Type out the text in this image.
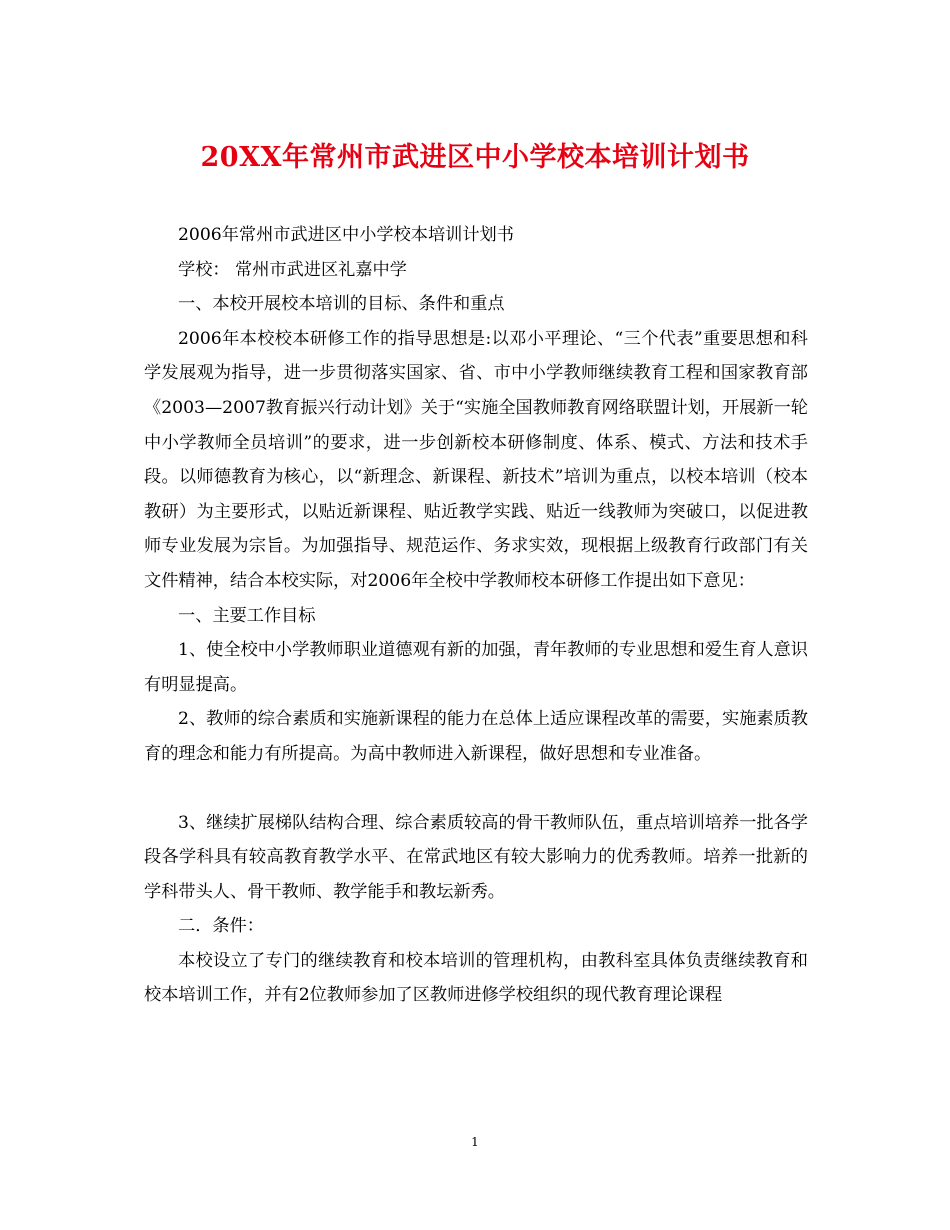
20XX年常州市武进区中小学校本培训计划书

2006年常州市武进区中小学校本培训计划书

学校： 常州市武进区礼嘉中学

一、本校开展校本培训的目标、条件和重点

2006年本校校本研修工作的指导思想是:以邓小平理论、“三个代表”重要思想和科学发展观为指导，进一步贯彻落实国家、省、市中小学教师继续教育工程和国家教育部《2003—2007教育振兴行动计划》关于“实施全国教师教育网络联盟计划，开展新一轮中小学教师全员培训”的要求，进一步创新校本研修制度、体系、模式、方法和技术手段。以师德教育为核心，以“新理念、新课程、新技术”培训为重点，以校本培训（校本教研）为主要形式，以贴近新课程、贴近教学实践、贴近一线教师为突破口，以促进教师专业发展为宗旨。为加强指导、规范运作、务求实效，现根据上级教育行政部门有关文件精神，结合本校实际，对2006年全校中学教师校本研修工作提出如下意见：

一、主要工作目标

1、使全校中小学教师职业道德观有新的加强，青年教师的专业思想和爱生育人意识有明显提高。

2、教师的综合素质和实施新课程的能力在总体上适应课程改革的需要，实施素质教育的理念和能力有所提高。为高中教师进入新课程，做好思想和专业准备。

3、继续扩展梯队结构合理、综合素质较高的骨干教师队伍，重点培训培养一批各学段各学科具有较高教育教学水平、在常武地区有较大影响力的优秀教师。培养一批新的学科带头人、骨干教师、教学能手和教坛新秀。

二．条件：

本校设立了专门的继续教育和校本培训的管理机构，由教科室具体负责继续教育和校本培训工作，并有2位教师参加了区教师进修学校组织的现代教育理论课程

1
